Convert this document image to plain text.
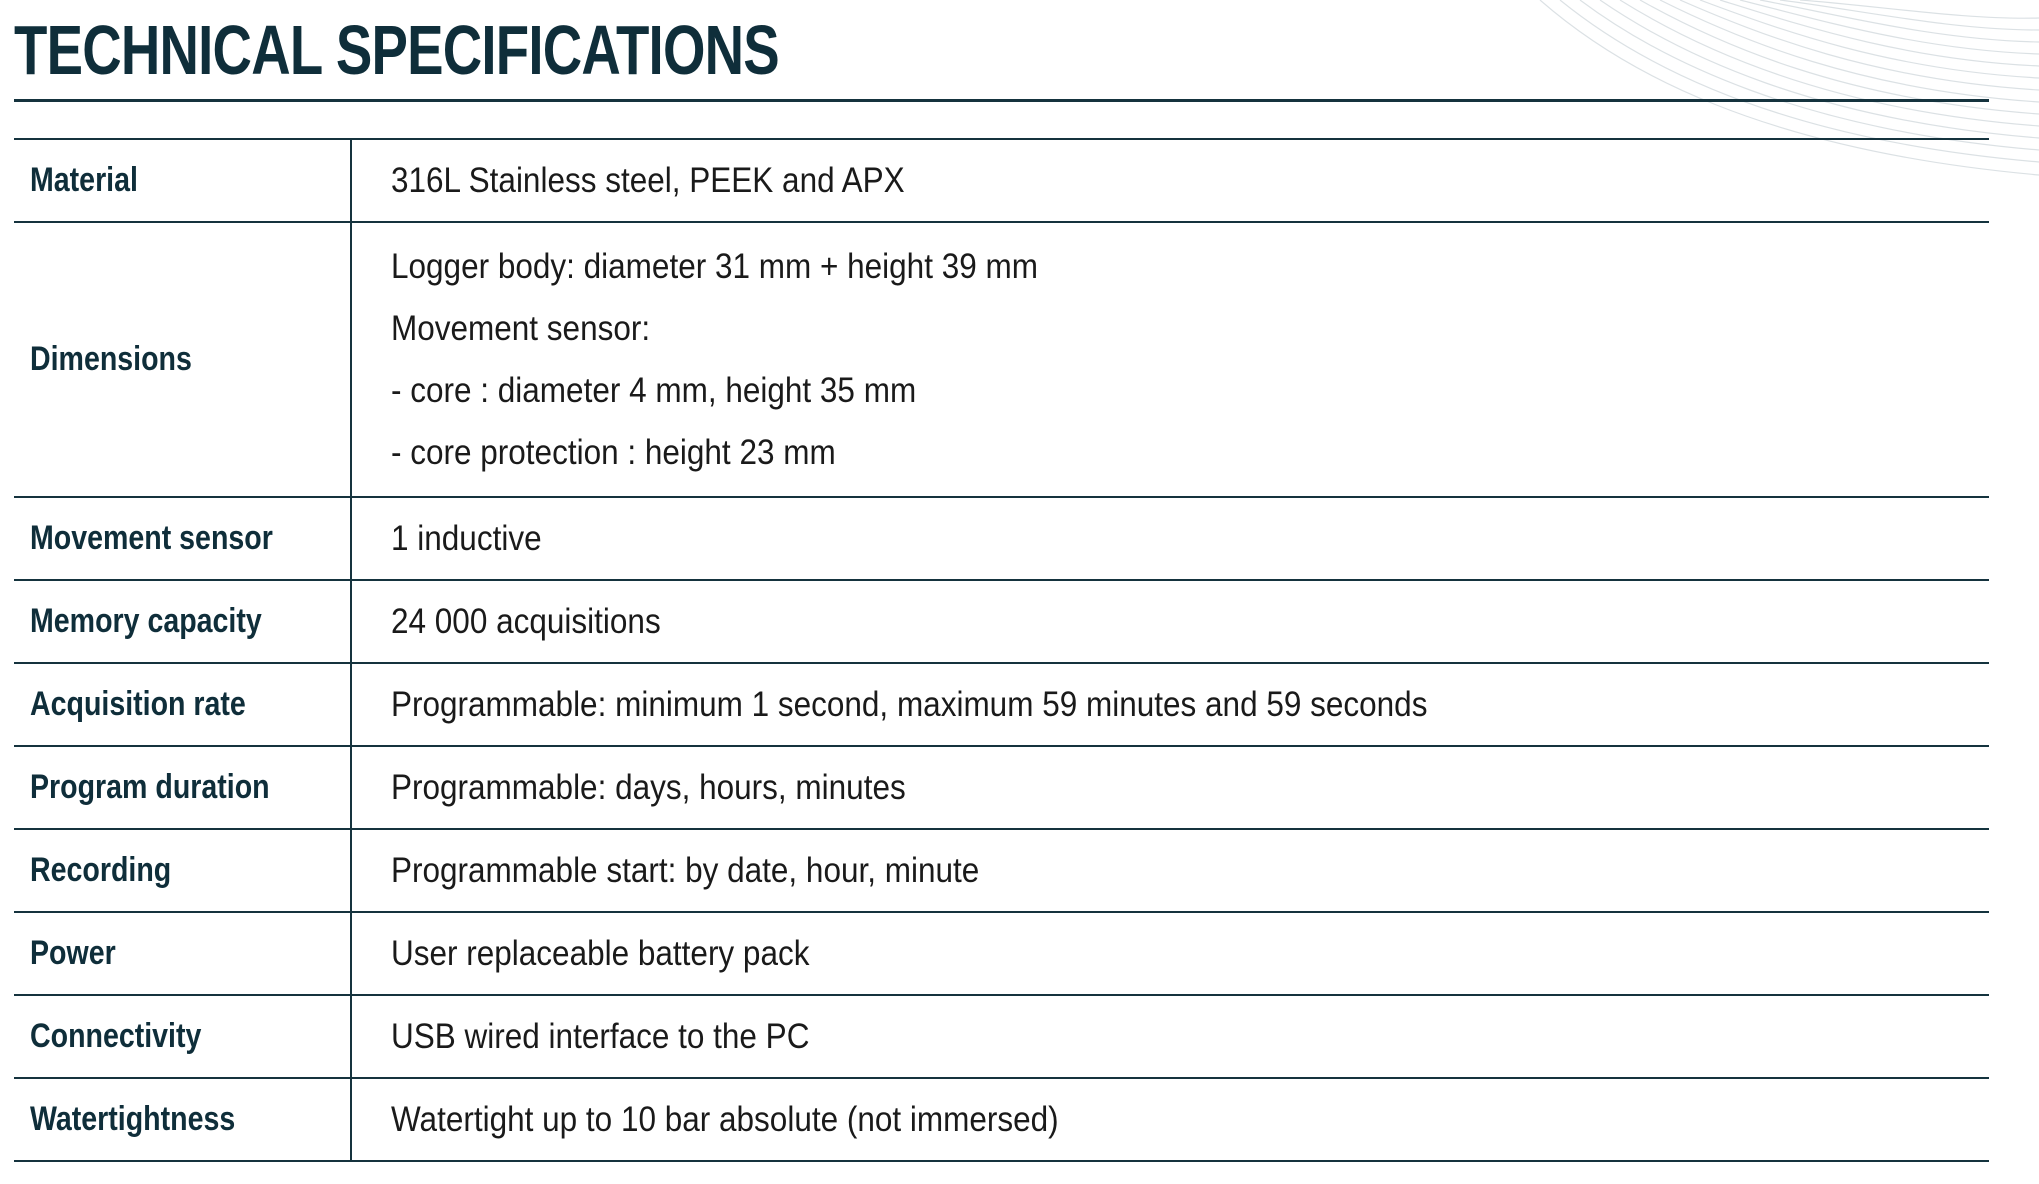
TECHNICAL SPECIFICATIONS
Material	316L Stainless steel, PEEK and APX
Dimensions	Logger body: diameter 31 mm + height 39 mm
Movement sensor:
- core : diameter 4 mm, height 35 mm
- core protection : height 23 mm

Movement sensor	1 inductive
Memory capacity	24 000 acquisitions
Acquisition rate	Programmable: minimum 1 second, maximum 59 minutes and 59 seconds
Program duration	Programmable: days, hours, minutes
Recording	Programmable start: by date, hour, minute
Power	User replaceable battery pack
Connectivity	USB wired interface to the PC
Watertightness	Watertight up to 10 bar absolute (not immersed)
